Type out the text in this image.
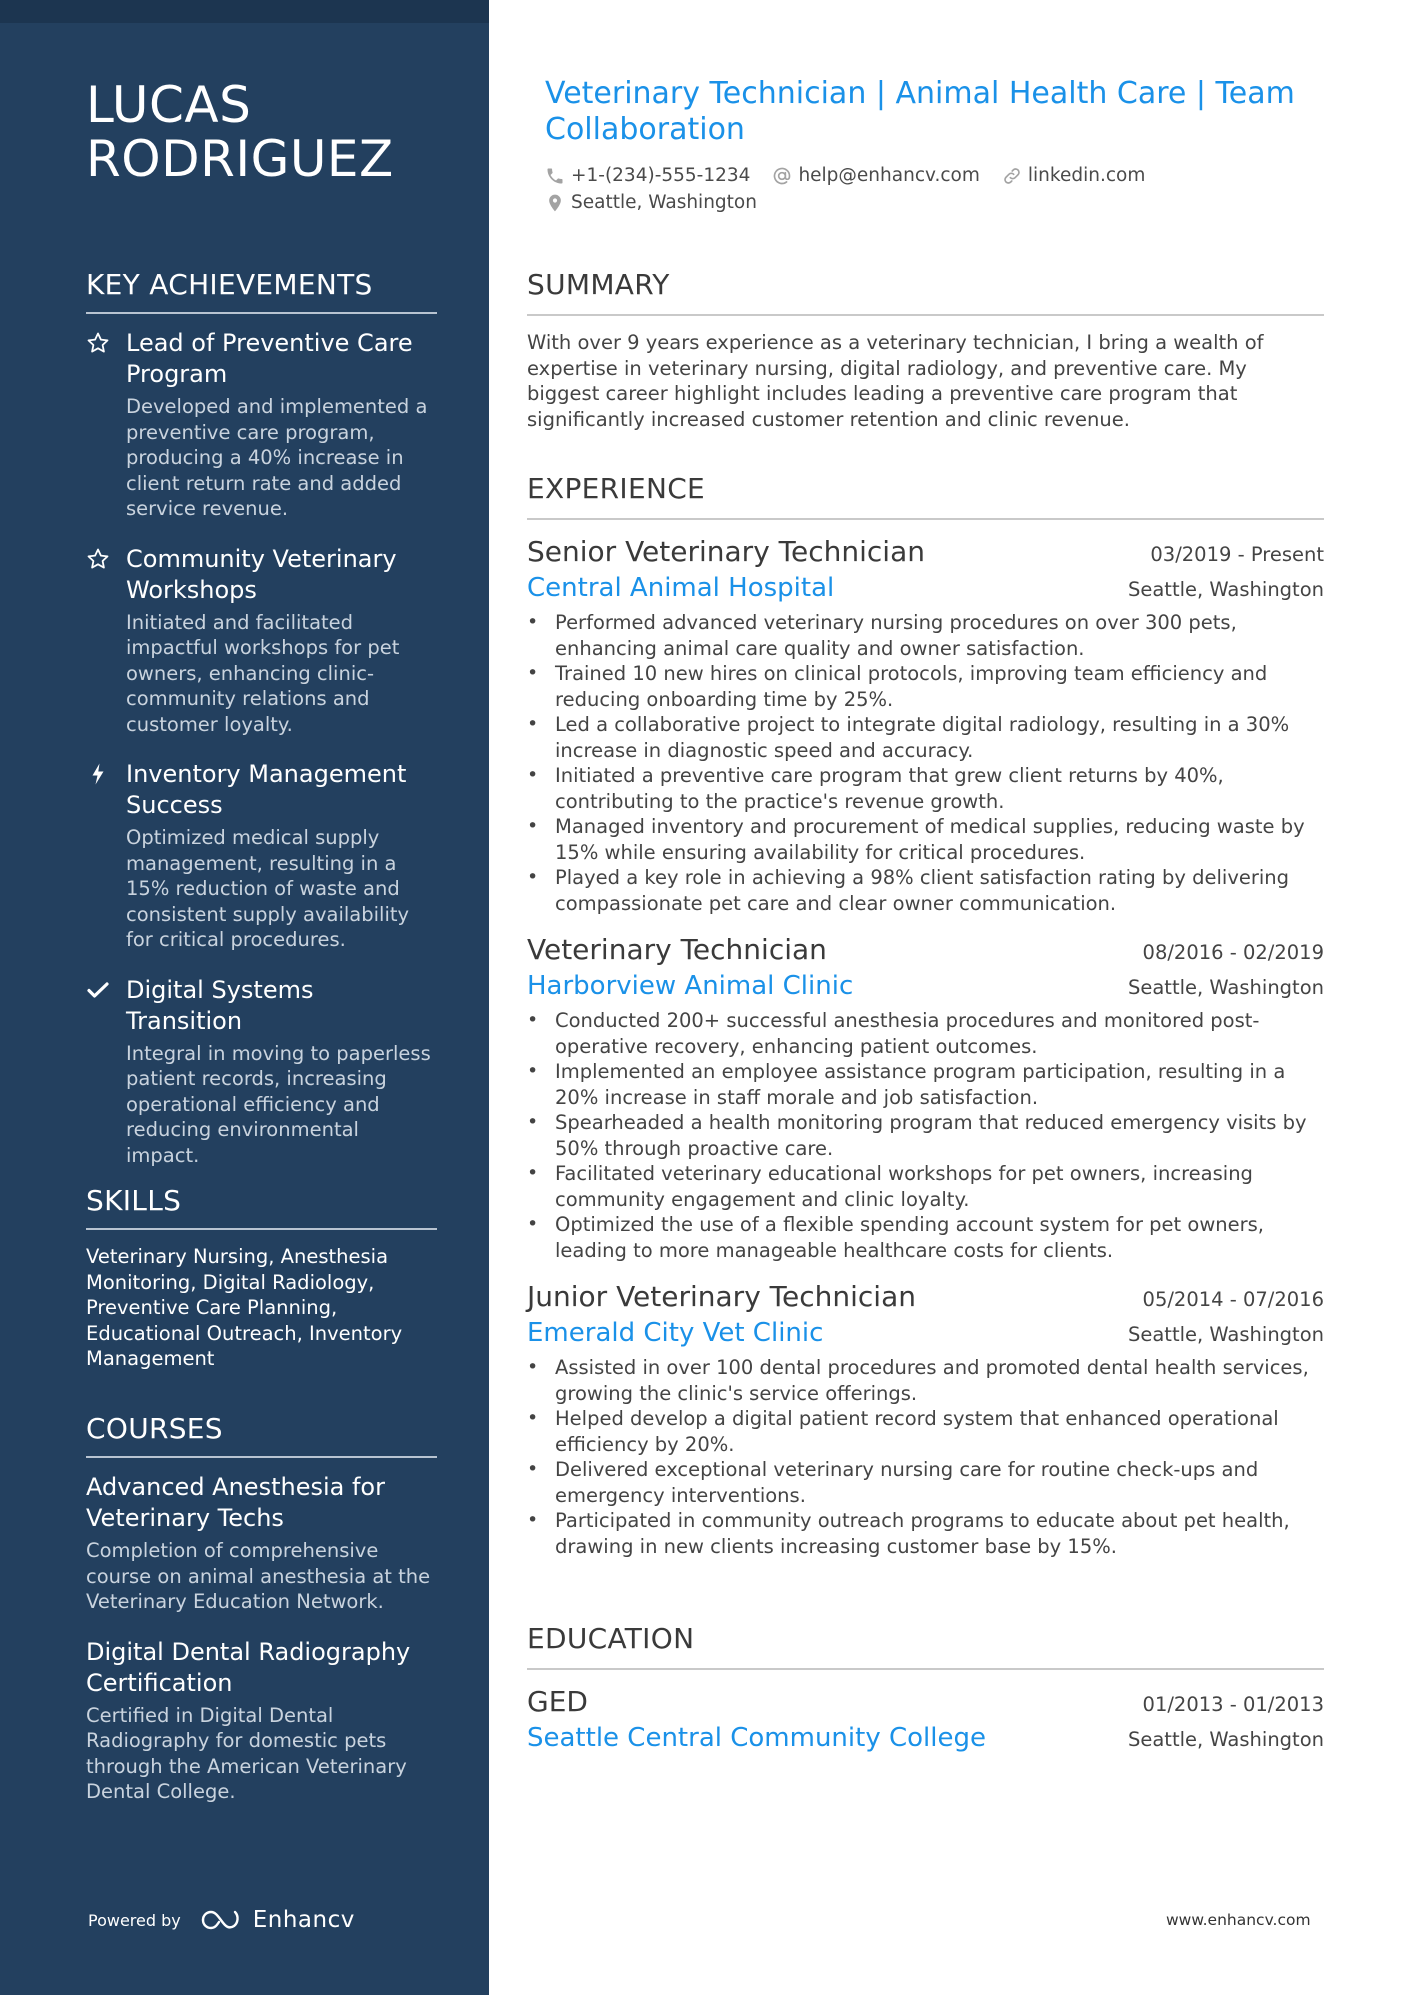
LUCAS
RODRIGUEZ
KEY ACHIEVEMENTS
Lead of Preventive Care Program
Developed and implemented a preventive care program, producing a 40% increase in client return rate and added service revenue.
Community Veterinary Workshops
Initiated and facilitated impactful workshops for pet owners, enhancing clinic-community relations and customer loyalty.
Inventory Management Success
Optimized medical supply management, resulting in a 15% reduction of waste and consistent supply availability for critical procedures.
Digital Systems Transition
Integral in moving to paperless patient records, increasing operational efficiency and reducing environmental impact.
SKILLS
Veterinary Nursing, Anesthesia Monitoring, Digital Radiology, Preventive Care Planning, Educational Outreach, Inventory Management
COURSES
Advanced Anesthesia for Veterinary Techs
Completion of comprehensive course on animal anesthesia at the Veterinary Education Network.
Digital Dental Radiography Certification
Certified in Digital Dental Radiography for domestic pets through the American Veterinary Dental College.
Powered by	Enhancv
Veterinary Technician | Animal Health Care | Team Collaboration
+1-(234)-555-1234	help@enhancv.com	linkedin.com
Seattle, Washington
SUMMARY
With over 9 years experience as a veterinary technician, I bring a wealth of expertise in veterinary nursing, digital radiology, and preventive care. My biggest career highlight includes leading a preventive care program that significantly increased customer retention and clinic revenue.
EXPERIENCE
Senior Veterinary Technician	03/2019 - Present
Central Animal Hospital	Seattle, Washington
• Performed advanced veterinary nursing procedures on over 300 pets, enhancing animal care quality and owner satisfaction.
• Trained 10 new hires on clinical protocols, improving team efficiency and reducing onboarding time by 25%.
• Led a collaborative project to integrate digital radiology, resulting in a 30% increase in diagnostic speed and accuracy.
• Initiated a preventive care program that grew client returns by 40%, contributing to the practice's revenue growth.
• Managed inventory and procurement of medical supplies, reducing waste by 15% while ensuring availability for critical procedures.
• Played a key role in achieving a 98% client satisfaction rating by delivering compassionate pet care and clear owner communication.
Veterinary Technician	08/2016 - 02/2019
Harborview Animal Clinic	Seattle, Washington
• Conducted 200+ successful anesthesia procedures and monitored post-operative recovery, enhancing patient outcomes.
• Implemented an employee assistance program participation, resulting in a 20% increase in staff morale and job satisfaction.
• Spearheaded a health monitoring program that reduced emergency visits by 50% through proactive care.
• Facilitated veterinary educational workshops for pet owners, increasing community engagement and clinic loyalty.
• Optimized the use of a flexible spending account system for pet owners, leading to more manageable healthcare costs for clients.
Junior Veterinary Technician	05/2014 - 07/2016
Emerald City Vet Clinic	Seattle, Washington
• Assisted in over 100 dental procedures and promoted dental health services, growing the clinic's service offerings.
• Helped develop a digital patient record system that enhanced operational efficiency by 20%.
• Delivered exceptional veterinary nursing care for routine check-ups and emergency interventions.
• Participated in community outreach programs to educate about pet health, drawing in new clients increasing customer base by 15%.
EDUCATION
GED	01/2013 - 01/2013
Seattle Central Community College	Seattle, Washington
www.enhancv.com
